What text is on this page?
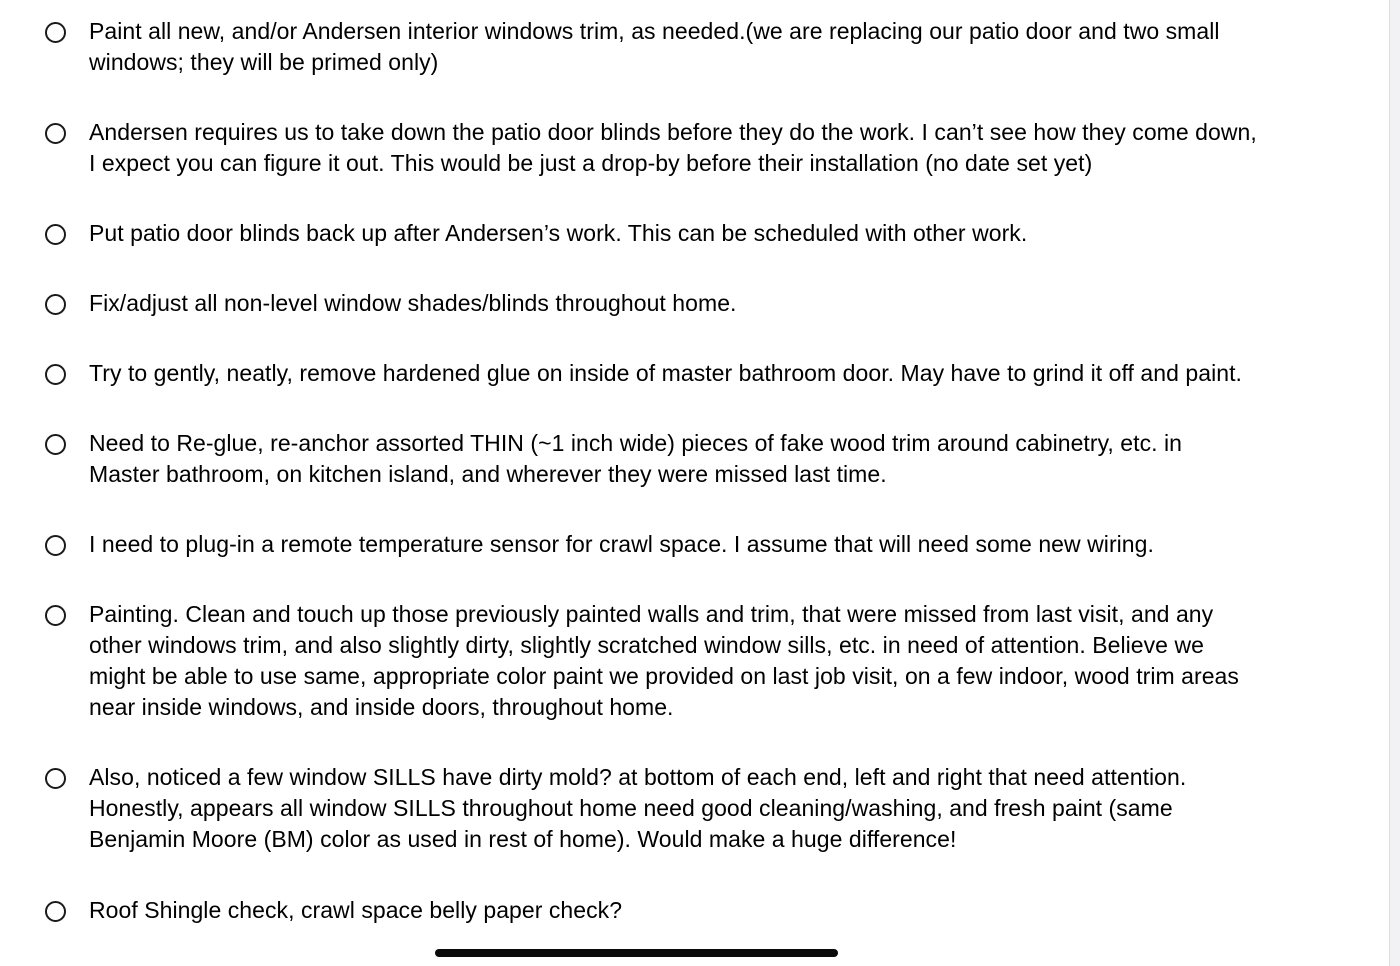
Paint all new, and/or Andersen interior windows trim, as needed.(we are replacing our patio door and two small
windows; they will be primed only)
Andersen requires us to take down the patio door blinds before they do the work. I can’t see how they come down,
I expect you can figure it out. This would be just a drop-by before their installation (no date set yet)
Put patio door blinds back up after Andersen’s work. This can be scheduled with other work.
Fix/adjust all non-level window shades/blinds throughout home.
Try to gently, neatly, remove hardened glue on inside of master bathroom door. May have to grind it off and paint.
Need to Re-glue, re-anchor assorted THIN (~1 inch wide) pieces of fake wood trim around cabinetry, etc. in
Master bathroom, on kitchen island, and wherever they were missed last time.
I need to plug-in a remote temperature sensor for crawl space. I assume that will need some new wiring.
Painting. Clean and touch up those previously painted walls and trim, that were missed from last visit, and any
other windows trim, and also slightly dirty, slightly scratched window sills, etc. in need of attention. Believe we
might be able to use same, appropriate color paint we provided on last job visit, on a few indoor, wood trim areas
near inside windows, and inside doors, throughout home.
Also, noticed a few window SILLS have dirty mold? at bottom of each end, left and right that need attention.
Honestly, appears all window SILLS throughout home need good cleaning/washing, and fresh paint (same
Benjamin Moore (BM) color as used in rest of home). Would make a huge difference!
Roof Shingle check, crawl space belly paper check?
